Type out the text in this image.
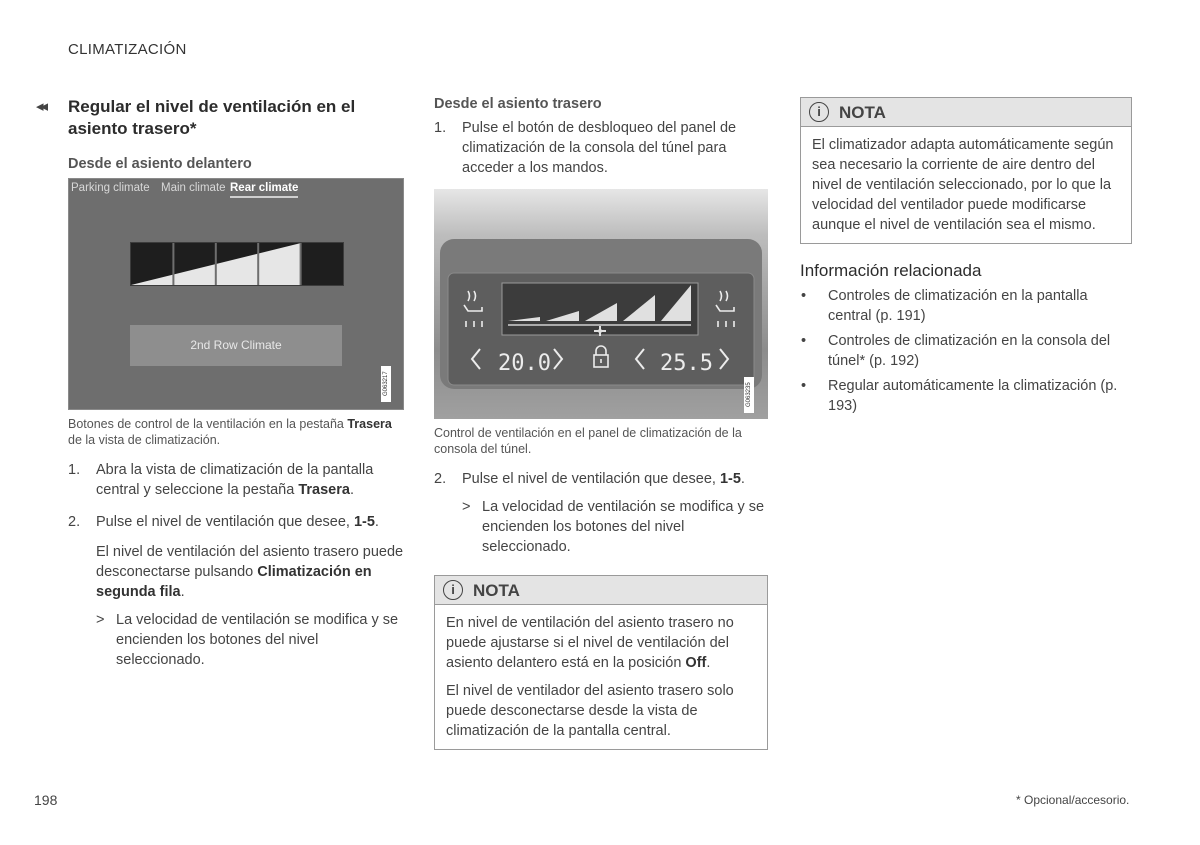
CLIMATIZACIÓN
◂◂ Regular el nivel de ventilación en el asiento trasero*
Desde el asiento delantero
Parking climate Main climate Rear climate
2nd Row Climate
G063217
Botones de control de la ventilación en la pestaña Trasera de la vista de climatización.
1. Abra la vista de climatización de la pantalla central y seleccione la pestaña Trasera.
2. Pulse el nivel de ventilación que desee, 1-5.
El nivel de ventilación del asiento trasero puede desconectarse pulsando Climatización en segunda fila.
> La velocidad de ventilación se modifica y se encienden los botones del nivel seleccionado.
Desde el asiento trasero
1. Pulse el botón de desbloqueo del panel de climatización de la consola del túnel para acceder a los mandos.
20.0	25.5
G063235
Control de ventilación en el panel de climatización de la consola del túnel.
2. Pulse el nivel de ventilación que desee, 1-5.
> La velocidad de ventilación se modifica y se encienden los botones del nivel seleccionado.
i	NOTA

En nivel de ventilación del asiento trasero no puede ajustarse si el nivel de ventilación del asiento delantero está en la posición Off.

El nivel de ventilador del asiento trasero solo puede desconectarse desde la vista de climatización de la pantalla central.

i	NOTA

El climatizador adapta automáticamente según sea necesario la corriente de aire dentro del nivel de ventilación seleccionado, por lo que la velocidad del ventilador puede modificarse aunque el nivel de ventilación sea el mismo.

Información relacionada
• Controles de climatización en la pantalla central (p. 191)
• Controles de climatización en la consola del túnel* (p. 192)
• Regular automáticamente la climatización (p. 193)
198	* Opcional/accesorio.
